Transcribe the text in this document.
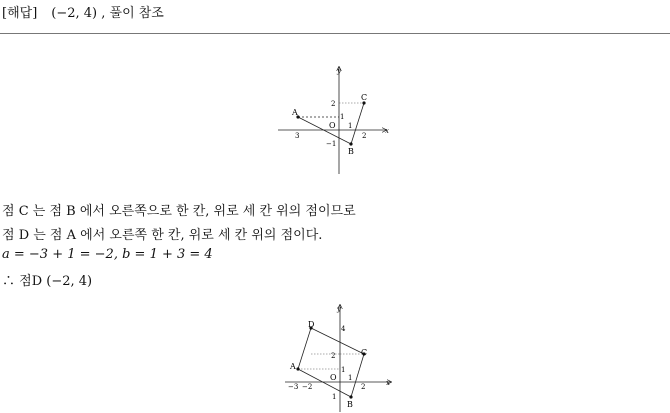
[해답] (−2, 4) , 풀이 참조
y
x
O
A
B
C
2
1
−1
1
2
3
점 C 는 점 B 에서 오른쪽으로 한 칸, 위로 세 칸 위의 점이므로
점 D 는 점 A 에서 오른쪽 한 칸, 위로 세 칸 위의 점이다.
a = −3 + 1 = −2, b = 1 + 3 = 4
∴ 점D (−2, 4)
y
x
O
A
B
C
D	4
2
1
1
1
2
−3 −2
